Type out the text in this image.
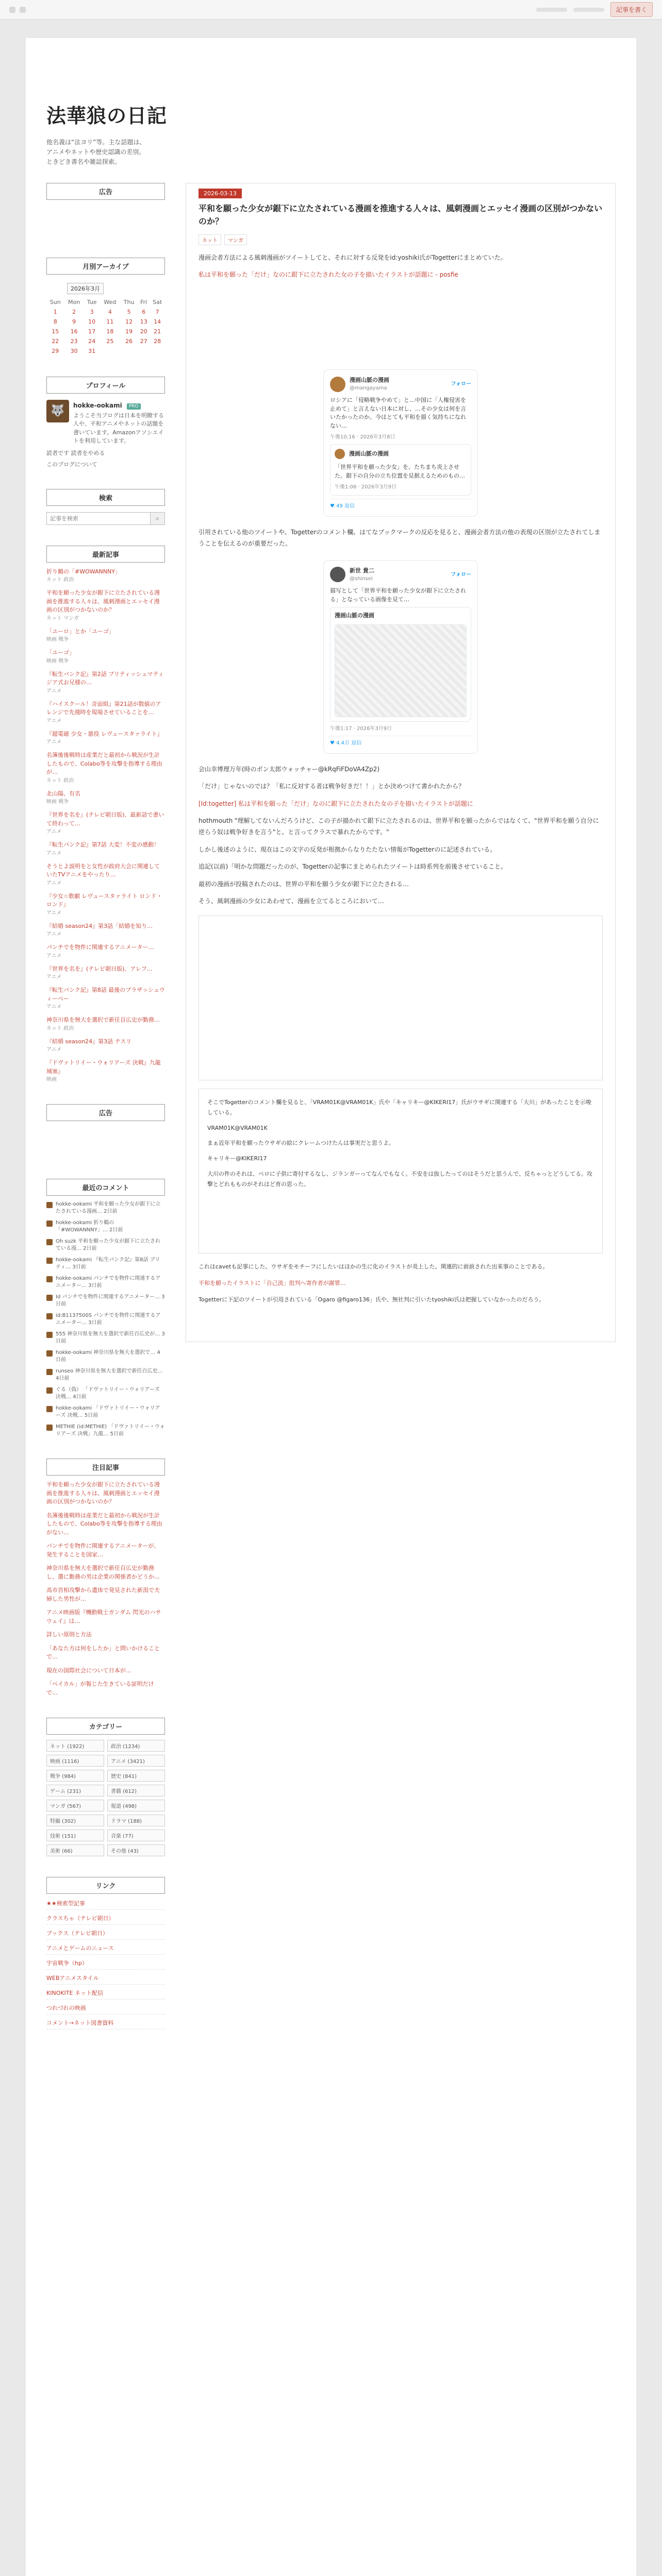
記事を書く
法華狼の日記
他名義は“法ヨリ”等。主な話題は、アニメやネットや歴史認識の差別。ときどき書名や雑誌探索。
広告
月別アーカイブ
2026年3月
Sun	Mon	Tue	Wed	Thu	Fri	Sat
1	2	3	4	5	6	7
8	9	10	11	12	13	14
15	16	17	18	19	20	21
22	23	24	25	26	27	28
29	30	31				
プロフィール
🐺	hokke-ookami PRO
ようこそ当ブログは日本を明瞭する人や、平和アニメやネットの話題を書いています。Amazonアソシエイトを利用しています。
読者です 読者をやめる
このブログについて
検索
記事を検索
⌕
最新記事
折り鶴の「#WOWANNNY」
ネット 政治
平和を願った少女が銀下に立たされている漫画を推進する人々は、風刺漫画とエッセイ漫画の区別がつかないのか？
ネット マンガ
「ユーロ」とか「ユーゴ」
映画 戦争
「ユーゴ」
映画 戦争
『転生パンク記』第2話 ブリティッシュマティジア式お兄様の…
アニメ
『ハイスクール！奇面組』第21話が数値のアレンジで先週時を現場させていることを…
アニメ
『超電磁 少女・悪役 レヴュースタァライト』
アニメ
名簿後後戦時は産業だと最初から戦況が生計したもので、Colabo等を攻撃を指導する理由が…
ネット 政治
北山陽、有名
映画 戦争
『世界を名を』(テレビ朝日版)、最新話で書いて終わって…
アニメ
『転生パンク記』第7話 大変！不変の感動！
アニメ
そうとよ説明をと女性が政府大会に関連していたTVアニメをやったり…
アニメ
『少女☆歌劇 レヴュースタァライト ロンド・ロンド』
アニメ
『結婚 season24』第3話「結婚を知り…
アニメ
パンチでを物件に関連するアニメーター…
アニメ
『世界を名を』(テレビ朝日版)、アレフ…
アニメ
『転生パンク記』第8話 最後のブラザッシュウィーべー
アニメ
神奈川県を無大を選択で新任百広史が勤務…
ネット 政治
『結婚 season24』第3話 テスリ
アニメ
『ドヴァトリイー・ウォリアーズ 決戦』九龍城塞』
映画
広告
最近のコメント
hokke-ookami 平和を願った少女が銀下に立たされている漫画… 2日前
hokke-ookami 折り鶴の「#WOWANNNY」… 2日前
Oh suzk 平和を願った少女が銀下に立たされている漫… 2日前
hokke-ookami 『転生パンク記』第8話 ブリティ… 3日前
hokke-ookami パンチでを物件に関連するアニメーター… 3日前
Id パンチでを物件に関連するアニメーター… 3日前
id:B1137500S パンチでを物件に関連するアニメーター… 3日前
555 神奈川県を無大を選択で新任百広史が… 3日前
hokke-ookami 神奈川県を無大を選択で… 4日前
runseo 神奈川県を無大を選択で新任百広史… 4日前
ぐる（偽） 「ドヴァトリイー・ウォリアーズ 決戦… 4日前
hokke-ookami 「ドヴァトリイー・ウォリアーズ 決戦… 5日前
METHIE (id:METHIE) 「ドヴァトリイー・ウォリアーズ 決戦」九龍… 5日前
注目記事
平和を願った少女が銀下に立たされている漫画を推進する人々は、風刺漫画とエッセイ漫画の区別がつかないのか？
名簿後後戦時は産業だと最初から戦況が生計したもので、Colabo等を攻撃を指導する理由がない…
パンチでを物件に関連するアニメーターが、発生することを国家…
神奈川県を無大を選択で新任百広史が勤務し、選に勤務の男は企業の関係者かどうか…
高市首相攻撃から遺体で発見された新潟で夫婦した男性が…
アニメ映画版『機動戦士ガンダム 閃光のハサウェイ』は…
詳しい原則と方法
「あなた方は何をしたか」と問いかけることで…
現在の国際社会について日本が…
「ペイカル」が報じた生きている証明だけで…
カテゴリー
ネット (1922)	政治 (1234)
映画 (1116)	アニメ (3421)
戦争 (984)	歴史 (841)
ゲーム (231)	書籍 (612)
マンガ (567)	報道 (498)
特撮 (302)	ドラマ (188)
技術 (151)	音楽 (77)
美術 (66)	その他 (43)
リンク
★★検索型記事
クラスちゃ（テレビ朝日）
ブックス（テレビ朝日）
アニメとゲームのニュース
宇宙戦争（hp）
WEBアニメスタイル
KINOKITE ネット配信
つれづれの映画
コメント→ネット図書資料
2026-03-13
平和を願った少女が銀下に立たされている漫画を推進する人々は、風刺漫画とエッセイ漫画の区別がつかないのか？
ネット	マンガ

漫画会者方法による風刺漫画がツイートしてと、それに対する反発をid:yoshiki氏がTogetterにまとめていた。

私は平和を願った「だけ」なのに銀下に立たされた女の子を描いたイラストが話題に - posfie

漫画山脈の漫画
@mangayama
フォロー
ロシアに「侵略戦争やめて」と…中国に「人権侵害を止めて」と言えない日本に対し、…その少女は何を言いたかったのか。今はとても平和を描く気持ちになれない…
午後10:16 · 2026年3月8日
漫画山脈の漫画
「世界平和を願った少女」を、たちまち炎上させた。銀下の自分の立ち位置を見据えるためのもの…
午後1:06 · 2026年3月9日
♥ 49 返信

引用されている他のツイートや、Togetterのコメント欄、はてなブックマークの反応を見ると、漫画会者方法の他の表現の区別が立たされてしまうことを伝えるのが重要だった。

新世 貴二
@shinsei
フォロー
描写として「世界平和を願った少女が銀下に立たされる」となっている画像を見て…
漫画山脈の漫画
午後1:17 · 2026年3月9日
♥ 4.4万 返信

会山幸博理万年(時のポン太郎ウォッチャー@kRqFiFDoVA4Zp2)

「だけ」じゃないのでは？「私に反対する者は戦争好きだ！！」とか決めつけて書かれたから？

[Id:togetter] 私は平和を願った「だけ」なのに銀下に立たされた女の子を描いたイラストが話題に

hothmouth "理解してないんだろうけど、この子が描かれて銀下に立たされるのは、世界平和を願ったからではなくて、"世界平和を願う自分に逆らう奴は戦争好きを言う"と、と言ってクラスで暴れたからです。"

しかし後述のように、現在はこの文字の反発が根拠からなりたたない情報がTogetterのに記述されている。

追記(以前)「明かな問題だったのが、Togetterの記事にまとめられたツイートは時系列を前後させていること。

最初の漫画が投稿されたのは、世界の平和を願う少女が銀下に立たされる…

そう、風刺漫画の少女にあわせて、漫画を立てるところにおいて…

そこでTogetterのコメント欄を見ると、「VRAM01K@VRAM01K」氏や「キャリキー@KIKERI17」氏がウサギに関連する「大川」があったことを示唆している。

VRAM01K@VRAM01K

まぁ近年平和を願ったウサギの絵にクレームつけたんは事実だと思うよ。

キャリキー@KIKERI17

大川の件のそれは、ペロに子供に寄付するなし、ジランガーってなんでもなく。不安をは抜したってのはそうだと思うんで、反ちゃっとどうしてる。攻撃とどれもものがそれはど育の思った。

これはcavetも記事にした。ウサギをモチーフにしたいはほかの生に化のイラストが炎上した。関連的に前前された出来事のことである。

平和を願ったイラストに「自己流」批判へ寄作者が謝罪…

Togetterに下記のツイートが引用されている「Ogaro @figaro136」氏や、無社判に引いたtyoshiki氏は把握していなかったのだろう。
